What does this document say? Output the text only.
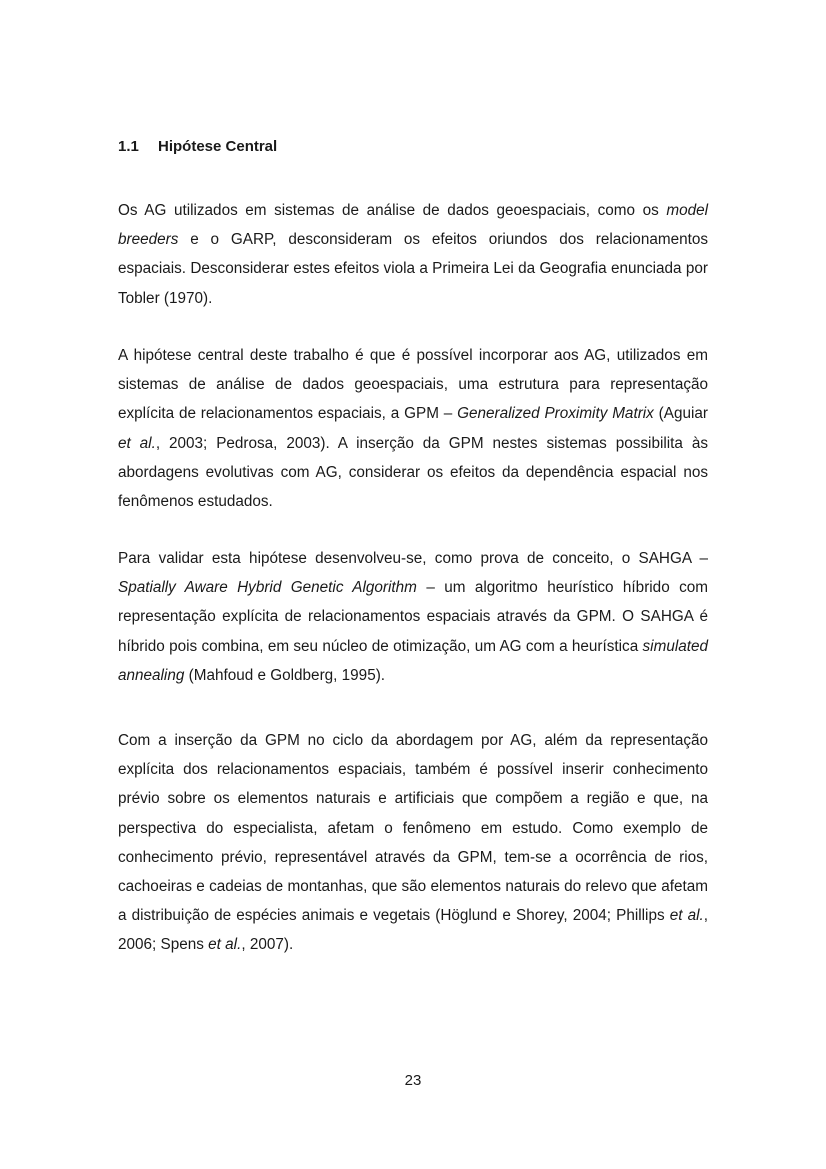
1.1 Hipótese Central

Os AG utilizados em sistemas de análise de dados geoespaciais, como os model breeders e o GARP, desconsideram os efeitos oriundos dos relacionamentos espaciais. Desconsiderar estes efeitos viola a Primeira Lei da Geografia enunciada por Tobler (1970).

A hipótese central deste trabalho é que é possível incorporar aos AG, utilizados em sistemas de análise de dados geoespaciais, uma estrutura para representação explícita de relacionamentos espaciais, a GPM – Generalized Proximity Matrix (Aguiar et al., 2003; Pedrosa, 2003). A inserção da GPM nestes sistemas possibilita às abordagens evolutivas com AG, considerar os efeitos da dependência espacial nos fenômenos estudados.

Para validar esta hipótese desenvolveu-se, como prova de conceito, o SAHGA – Spatially Aware Hybrid Genetic Algorithm – um algoritmo heurístico híbrido com representação explícita de relacionamentos espaciais através da GPM. O SAHGA é híbrido pois combina, em seu núcleo de otimização, um AG com a heurística simulated annealing (Mahfoud e Goldberg, 1995).

Com a inserção da GPM no ciclo da abordagem por AG, além da representação explícita dos relacionamentos espaciais, também é possível inserir conhecimento prévio sobre os elementos naturais e artificiais que compõem a região e que, na perspectiva do especialista, afetam o fenômeno em estudo. Como exemplo de conhecimento prévio, representável através da GPM, tem-se a ocorrência de rios, cachoeiras e cadeias de montanhas, que são elementos naturais do relevo que afetam a distribuição de espécies animais e vegetais (Höglund e Shorey, 2004; Phillips et al., 2006; Spens et al., 2007).

23
